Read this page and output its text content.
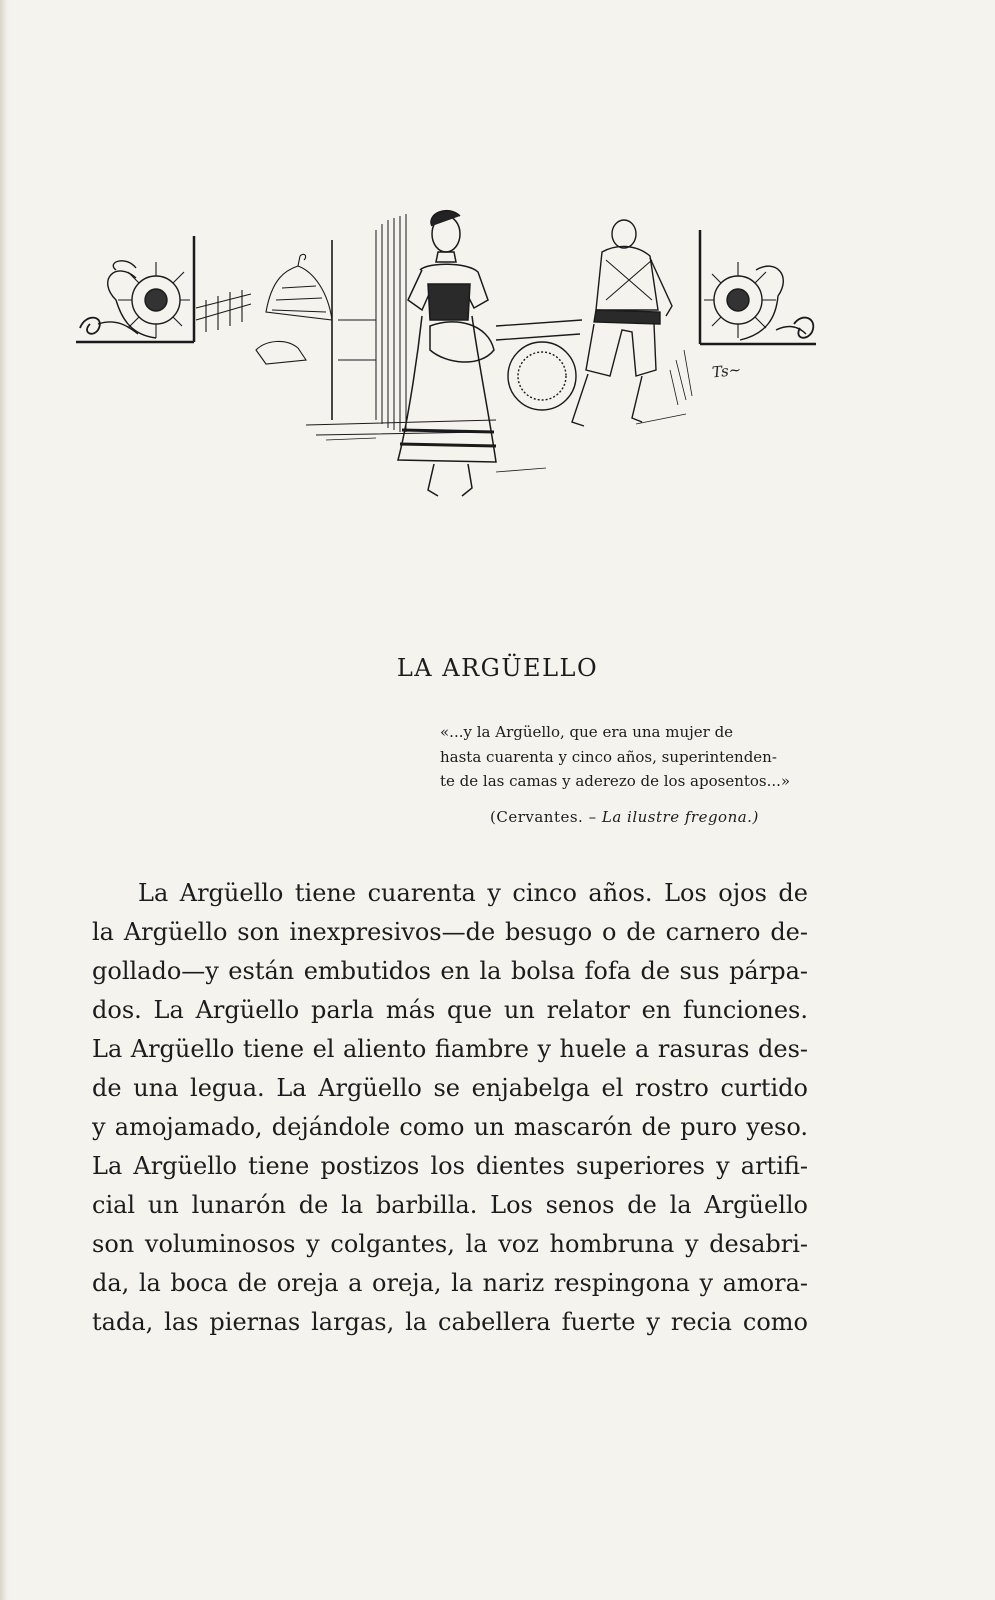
Ts~
LA ARGÜELLO

«...y la Argüello, que era una mujer de

hasta cuarenta y cinco años, superintenden-

te de las camas y aderezo de los aposentos...»

(Cervantes. – La ilustre fregona.)
La Argüello tiene cuarenta y cinco años. Los ojos de
la Argüello son inexpresivos—de besugo o de carnero de-
gollado—y están embutidos en la bolsa fofa de sus párpa-
dos. La Argüello parla más que un relator en funciones.
La Argüello tiene el aliento fiambre y huele a rasuras des-
de una legua. La Argüello se enjabelga el rostro curtido
y amojamado, dejándole como un mascarón de puro yeso.
La Argüello tiene postizos los dientes superiores y artifi-
cial un lunarón de la barbilla. Los senos de la Argüello
son voluminosos y colgantes, la voz hombruna y desabri-
da, la boca de oreja a oreja, la nariz respingona y amora-
tada, las piernas largas, la cabellera fuerte y recia como
